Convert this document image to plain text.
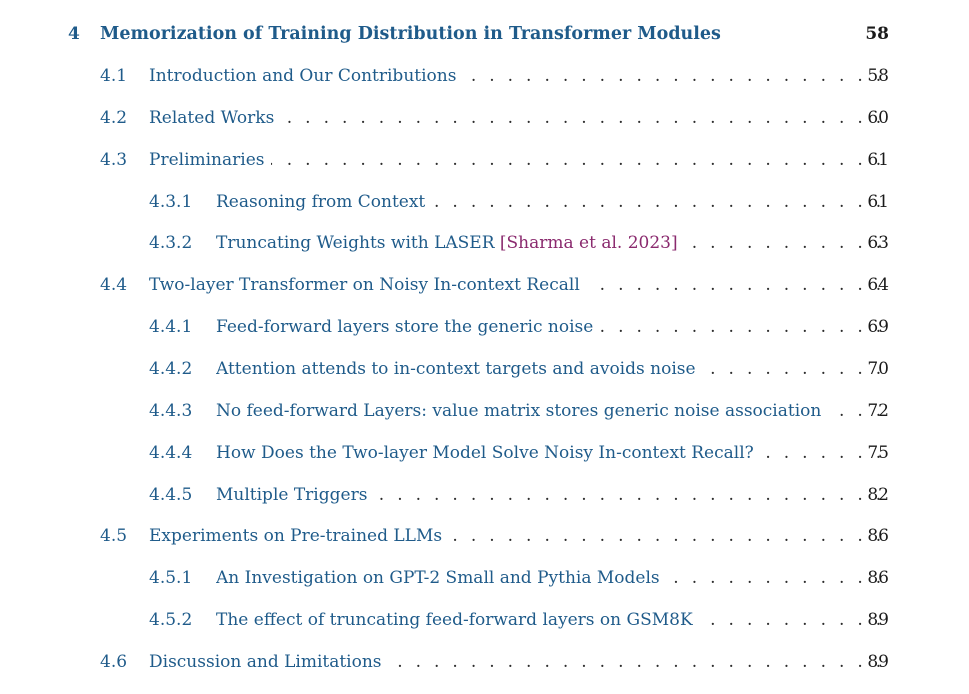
4 Memorization of Training Distribution in Transformer Modules	58
4.1 Introduction and Our Contributions . . .	58
4.2 Related Works . . .	60
4.3 Preliminaries . . .	61
4.3.1 Reasoning from Context . . .	61
4.3.2 Truncating Weights with LASER [Sharma et al. 2023] . . .	63
4.4 Two-layer Transformer on Noisy In-context Recall . . .	64
4.4.1 Feed-forward layers store the generic noise . . .	69
4.4.2 Attention attends to in-context targets and avoids noise . . .	70
4.4.3 No feed-forward Layers: value matrix stores generic noise association . . .	72
4.4.4 How Does the Two-layer Model Solve Noisy In-context Recall? . . .	75
4.4.5 Multiple Triggers . . .	82
4.5 Experiments on Pre-trained LLMs . . .	86
4.5.1 An Investigation on GPT-2 Small and Pythia Models . . .	86
4.5.2 The effect of truncating feed-forward layers on GSM8K . . .	89
4.6 Discussion and Limitations . . .	89
